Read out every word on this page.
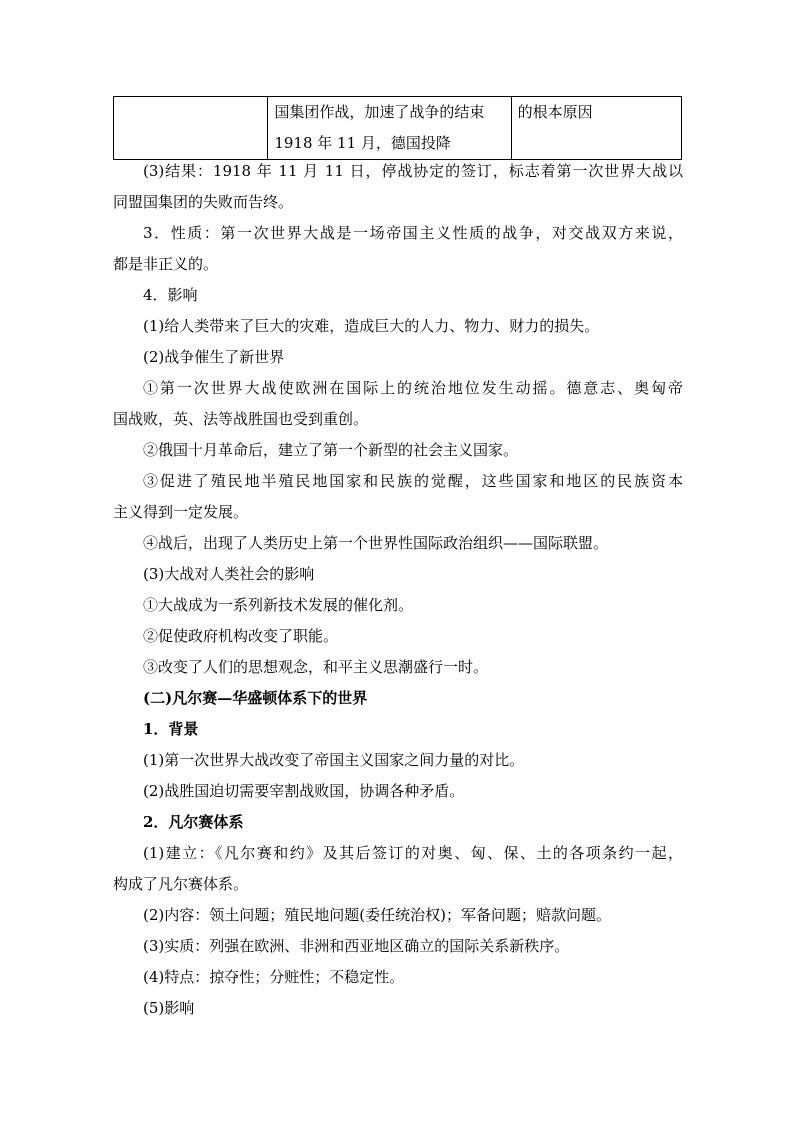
国集团作战，加速了战争的结束
1918 年 11 月，德国投降
	的根本原因
(3)结果：1918 年 11 月 11 日，停战协定的签订，标志着第一次世界大战以
同盟国集团的失败而告终。
3．性质：第一次世界大战是一场帝国主义性质的战争，对交战双方来说，
都是非正义的。
4．影响
(1)给人类带来了巨大的灾难，造成巨大的人力、物力、财力的损失。
(2)战争催生了新世界
①第一次世界大战使欧洲在国际上的统治地位发生动摇。德意志、奥匈帝
国战败，英、法等战胜国也受到重创。
②俄国十月革命后，建立了第一个新型的社会主义国家。
③促进了殖民地半殖民地国家和民族的觉醒，这些国家和地区的民族资本
主义得到一定发展。
④战后，出现了人类历史上第一个世界性国际政治组织——国际联盟。
(3)大战对人类社会的影响
①大战成为一系列新技术发展的催化剂。
②促使政府机构改变了职能。
③改变了人们的思想观念，和平主义思潮盛行一时。
(二)凡尔赛—华盛顿体系下的世界
1．背景
(1)第一次世界大战改变了帝国主义国家之间力量的对比。
(2)战胜国迫切需要宰割战败国，协调各种矛盾。
2．凡尔赛体系
(1)建立：《凡尔赛和约》及其后签订的对奥、匈、保、土的各项条约一起，
构成了凡尔赛体系。
(2)内容：领土问题；殖民地问题(委任统治权)；军备问题；赔款问题。
(3)实质：列强在欧洲、非洲和西亚地区确立的国际关系新秩序。
(4)特点：掠夺性；分赃性；不稳定性。
(5)影响
